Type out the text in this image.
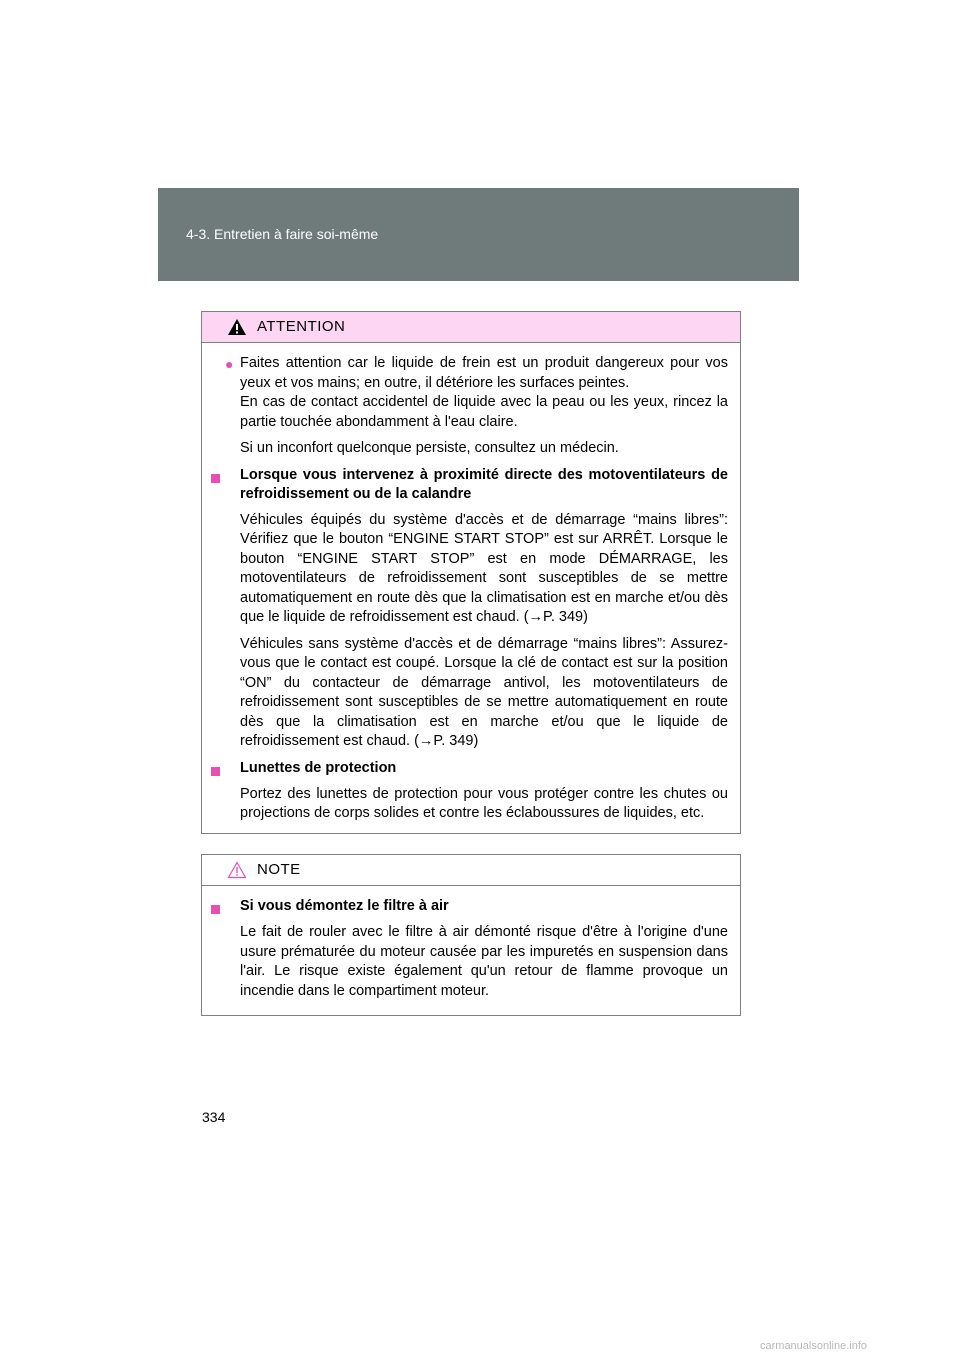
4-3. Entretien à faire soi-même
ATTENTION
● Faites attention car le liquide de frein est un produit dangereux pour vos yeux et vos mains; en outre, il détériore les surfaces peintes.

En cas de contact accidentel de liquide avec la peau ou les yeux, rincez la partie touchée abondamment à l'eau claire.

Si un inconfort quelconque persiste, consultez un médecin.

Lorsque vous intervenez à proximité directe des motoventilateurs de refroidissement ou de la calandre

Véhicules équipés du système d'accès et de démarrage “mains libres”: Vérifiez que le bouton “ENGINE START STOP” est sur ARRÊT. Lorsque le bouton “ENGINE START STOP” est en mode DÉMARRAGE, les motoventilateurs de refroidissement sont susceptibles de se mettre automatiquement en route dès que la climatisation est en marche et/ou dès que le liquide de refroidissement est chaud. (→P. 349)

Véhicules sans système d'accès et de démarrage “mains libres”: Assurez-vous que le contact est coupé. Lorsque la clé de contact est sur la position “ON” du contacteur de démarrage antivol, les motoventilateurs de refroidissement sont susceptibles de se mettre automatiquement en route dès que la climatisation est en marche et/ou que le liquide de refroidissement est chaud. (→P. 349)

Lunettes de protection

Portez des lunettes de protection pour vous protéger contre les chutes ou projections de corps solides et contre les éclaboussures de liquides, etc.

NOTE
Si vous démontez le filtre à air

Le fait de rouler avec le filtre à air démonté risque d'être à l'origine d'une usure prématurée du moteur causée par les impuretés en suspension dans l'air. Le risque existe également qu'un retour de flamme provoque un incendie dans le compartiment moteur.

334
carmanualsonline.info
